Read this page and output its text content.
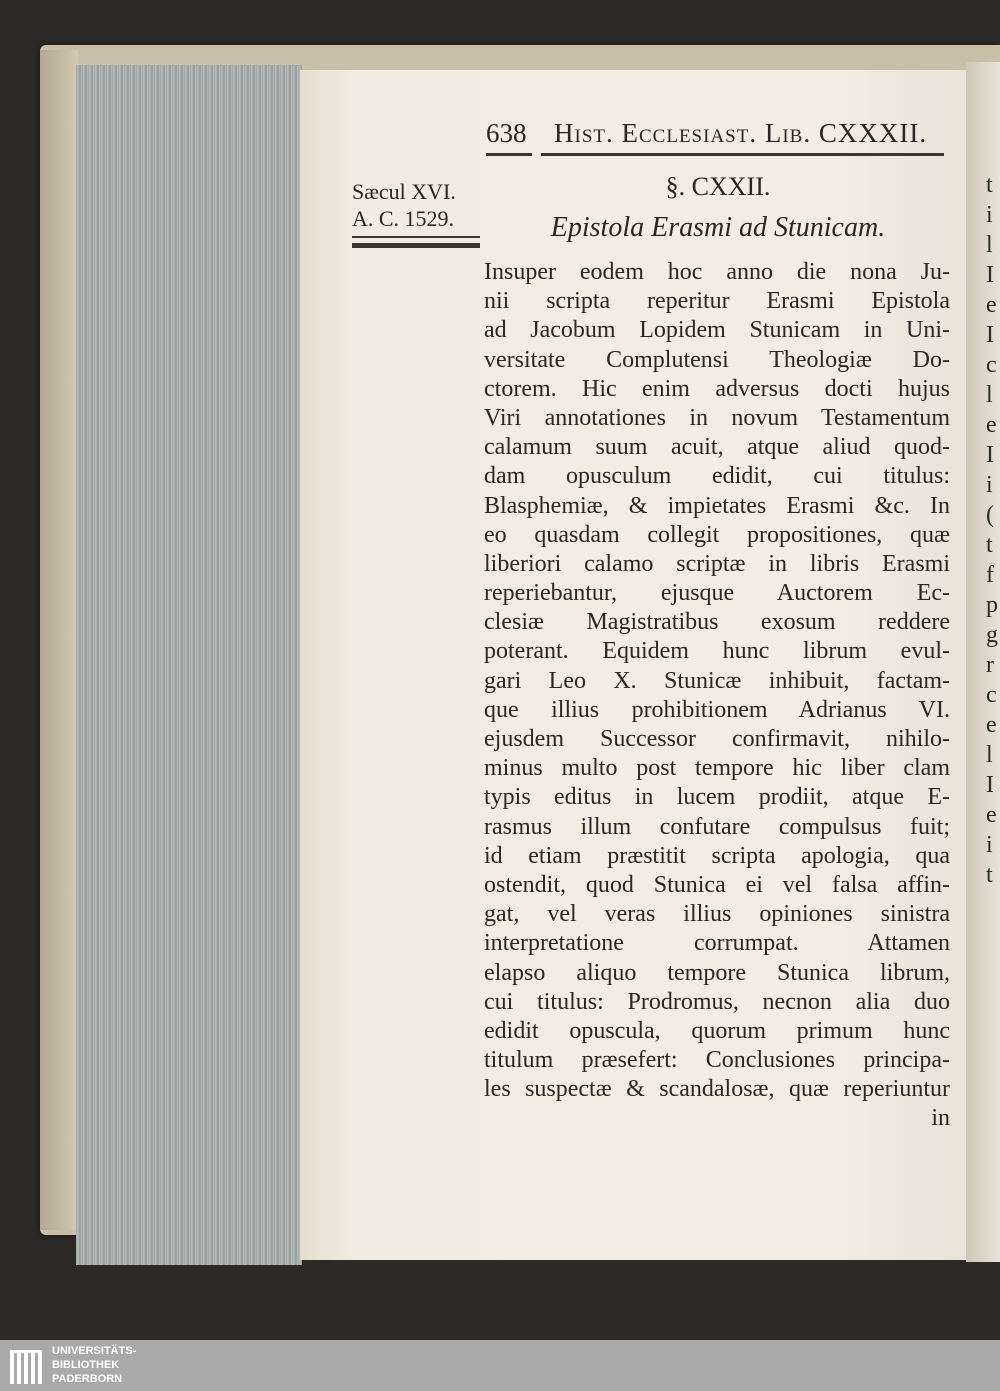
t
i
l
I
e
I
c
l
e
I
i
(
t
f
p
g
r
c
e
l
I
e
i
t
638 Hist. Ecclesiast. Lib. CXXXII.
Sæcul XVI.
A. C. 1529.
§. CXXII.
Epistola Erasmi ad Stunicam.
Insuper eodem hoc anno die nona Ju-
nii scripta reperitur Erasmi Epistola
ad Jacobum Lopidem Stunicam in Uni-
versitate Complutensi Theologiæ Do-
ctorem. Hic enim adversus docti hujus
Viri annotationes in novum Testamentum
calamum suum acuit, atque aliud quod-
dam opusculum edidit, cui titulus:
Blasphemiæ, & impietates Erasmi &c. In
eo quasdam collegit propositiones, quæ
liberiori calamo scriptæ in libris Erasmi
reperiebantur, ejusque Auctorem Ec-
clesiæ Magistratibus exosum reddere
poterant. Equidem hunc librum evul-
gari Leo X. Stunicæ inhibuit, factam-
que illius prohibitionem Adrianus VI.
ejusdem Successor confirmavit, nihilo-
minus multo post tempore hic liber clam
typis editus in lucem prodiit, atque E-
rasmus illum confutare compulsus fuit;
id etiam præstitit scripta apologia, qua
ostendit, quod Stunica ei vel falsa affin-
gat, vel veras illius opiniones sinistra
interpretatione corrumpat. Attamen
elapso aliquo tempore Stunica librum,
cui titulus: Prodromus, necnon alia duo
edidit opuscula, quorum primum hunc
titulum præsefert: Conclusiones principa-
les suspectæ & scandalosæ, quæ reperiuntur
in
UNIVERSITÄTS-
BIBLIOTHEK
PADERBORN
